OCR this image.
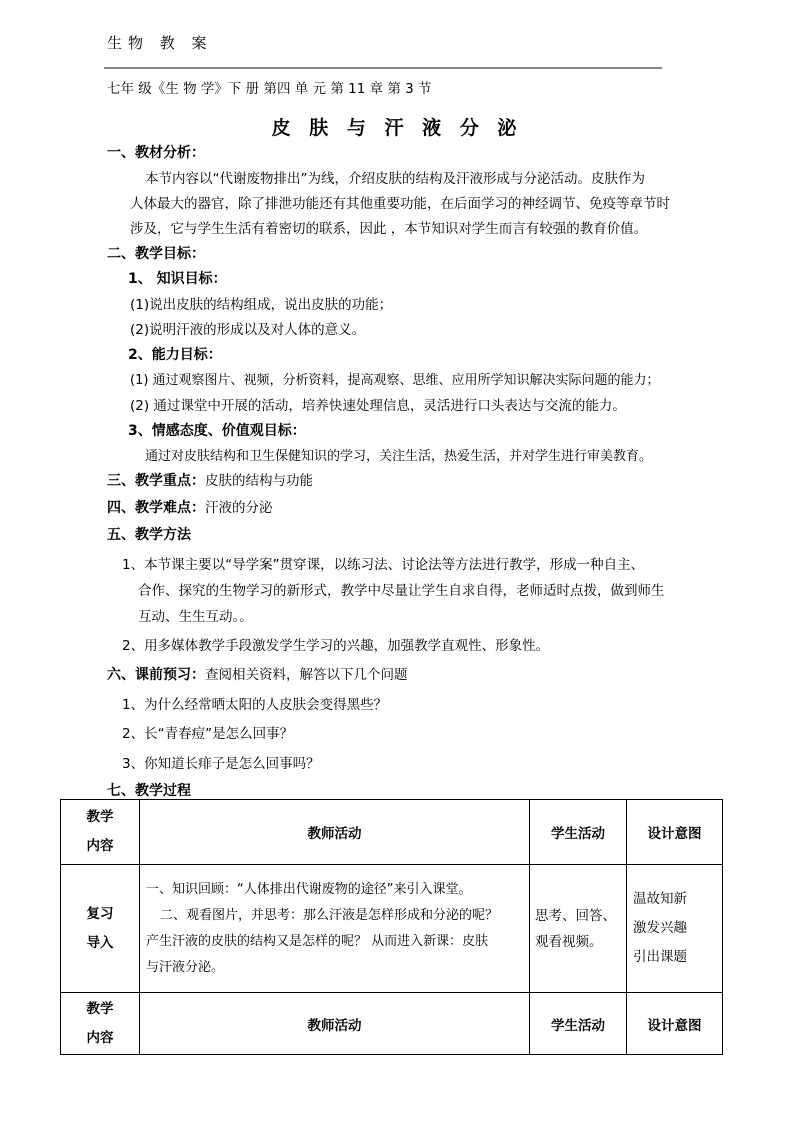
生物 教 案
七年 级《生 物 学》下 册 第四 单 元 第 11 章 第 3 节
皮 肤 与 汗 液 分 泌
一、教材分析：
本节内容以“代谢废物排出”为线，介绍皮肤的结构及汗液形成与分泌活动。皮肤作为
人体最大的器官，除了排泄功能还有其他重要功能，在后面学习的神经调节、免疫等章节时
涉及，它与学生生活有着密切的联系，因此 ，本节知识对学生而言有较强的教育价值。
二、教学目标：
1、 知识目标：
(1)说出皮肤的结构组成，说出皮肤的功能；
(2)说明汗液的形成以及对人体的意义。
2、能力目标：
(1) 通过观察图片、视频，分析资料，提高观察、思维、应用所学知识解决实际问题的能力；
(2) 通过课堂中开展的活动，培养快速处理信息，灵活进行口头表达与交流的能力。
3、情感态度、价值观目标：
通过对皮肤结构和卫生保健知识的学习，关注生活，热爱生活，并对学生进行审美教育。
三、教学重点：皮肤的结构与功能
四、教学难点：汗液的分泌
五、教学方法
1、本节课主要以“导学案”贯穿课，以练习法、讨论法等方法进行教学，形成一种自主、
合作、探究的生物学习的新形式，教学中尽量让学生自求自得，老师适时点拨，做到师生
互动、生生互动。。
2、用多媒体教学手段激发学生学习的兴趣，加强教学直观性、形象性。
六、课前预习：查阅相关资料，解答以下几个问题
1、为什么经常晒太阳的人皮肤会变得黑些？
2、长“青春痘”是怎么回事？
3、你知道长痱子是怎么回事吗？
七、教学过程
教学
内容	教师活动	学生活动	设计意图

复习
导入	一、知识回顾：“人体排出代谢废物的途径”来引入课堂。
二、观看图片，并思考：那么汗液是怎样形成和分泌的呢？
产生汗液的皮肤的结构又是怎样的呢？ 从而进入新课：皮肤
与汗液分泌。	思考、回答、
观看视频。	温故知新
激发兴趣
引出课题

教学
内容	教师活动	学生活动	设计意图
